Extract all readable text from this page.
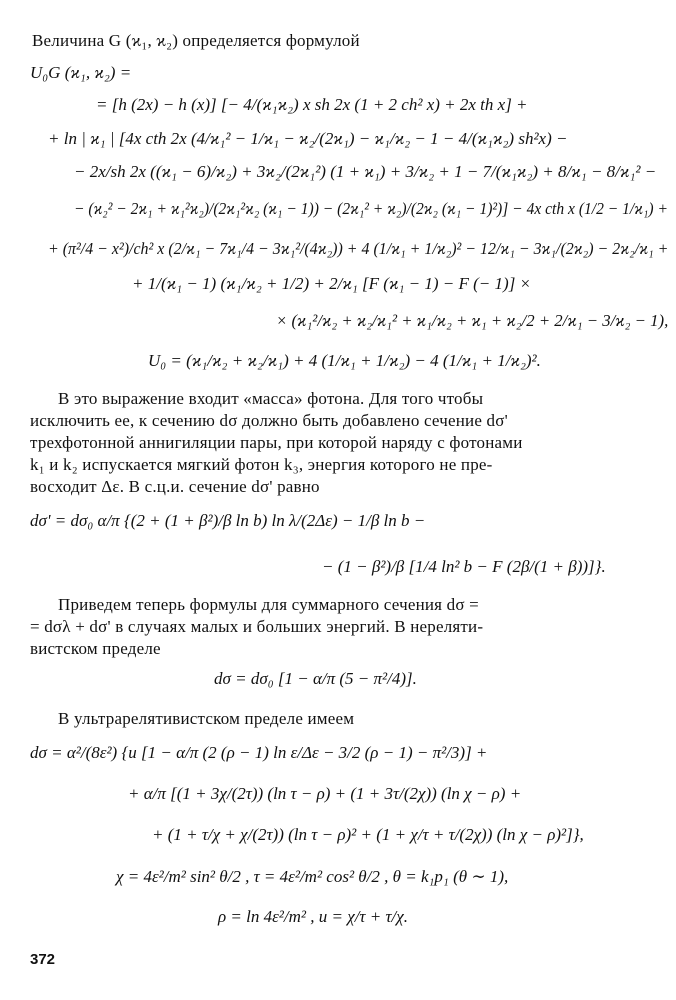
Величина G (ϰ₁, ϰ₂) определяется формулой
U₀G (ϰ₁, ϰ₂) =
= [h (2x) − h (x)] [− 4/(ϰ₁ϰ₂) x sh 2x (1 + 2 ch² x) + 2x th x] +
+ ln | ϰ₁ | [4x cth 2x (4/ϰ₁² − 1/ϰ₁ − ϰ₂/(2ϰ₁) − ϰ₁/ϰ₂ − 1 − 4/(ϰ₁ϰ₂) sh²x) −
− 2x/sh 2x ((ϰ₁ − 6)/ϰ₂) + 3ϰ₂/(2ϰ₁²) (1 + ϰ₁) + 3/ϰ₂ + 1 − 7/(ϰ₁ϰ₂) + 8/ϰ₁ − 8/ϰ₁² −
− (ϰ₂² − 2ϰ₁ + ϰ₁²ϰ₂)/(2ϰ₁²ϰ₂ (ϰ₁ − 1)) − (2ϰ₁² + ϰ₂)/(2ϰ₂ (ϰ₁ − 1)²)] − 4x cth x (1/2 − 1/ϰ₁) +
+ (π²/4 − x²)/ch² x (2/ϰ₁ − 7ϰ₁/4 − 3ϰ₁²/(4ϰ₂)) + 4 (1/ϰ₁ + 1/ϰ₂)² − 12/ϰ₁ − 3ϰ₁/(2ϰ₂) − 2ϰ₂/ϰ₁ +
+ 1/(ϰ₁ − 1) (ϰ₁/ϰ₂ + 1/2) + 2/ϰ₁ [F (ϰ₁ − 1) − F (− 1)] ×
× (ϰ₁²/ϰ₂ + ϰ₂/ϰ₁² + ϰ₁/ϰ₂ + ϰ₁ + ϰ₂/2 + 2/ϰ₁ − 3/ϰ₂ − 1),
U₀ = (ϰ₁/ϰ₂ + ϰ₂/ϰ₁) + 4 (1/ϰ₁ + 1/ϰ₂) − 4 (1/ϰ₁ + 1/ϰ₂)².
В это выражение входит «масса» фотона. Для того чтобы
исключить ее, к сечению dσ должно быть добавлено сечение dσ'
трехфотонной аннигиляции пары, при которой наряду с фотонами
k₁ и k₂ испускается мягкий фотон k₃, энергия которого не пре-
восходит Δε. В с.ц.и. сечение dσ' равно
dσ' = dσ₀ α/π {(2 + (1 + β²)/β ln b) ln λ/(2Δε) − 1/β ln b −
− (1 − β²)/β [1/4 ln² b − F (2β/(1 + β))]}.
Приведем теперь формулы для суммарного сечения dσ =
= dσλ + dσ' в случаях малых и больших энергий. В нереляти-
вистском пределе
dσ = dσ₀ [1 − α/π (5 − π²/4)].
В ультрарелятивистском пределе имеем
dσ = α²/(8ε²) {u [1 − α/π (2 (ρ − 1) ln ε/Δε − 3/2 (ρ − 1) − π²/3)] +
+ α/π [(1 + 3χ/(2τ)) (ln τ − ρ) + (1 + 3τ/(2χ)) (ln χ − ρ) +
+ (1 + τ/χ + χ/(2τ)) (ln τ − ρ)² + (1 + χ/τ + τ/(2χ)) (ln χ − ρ)²]},
χ = 4ε²/m² sin² θ/2 , τ = 4ε²/m² cos² θ/2 , θ = k₁p₁ (θ ∼ 1),
ρ = ln 4ε²/m² , u = χ/τ + τ/χ.
372
